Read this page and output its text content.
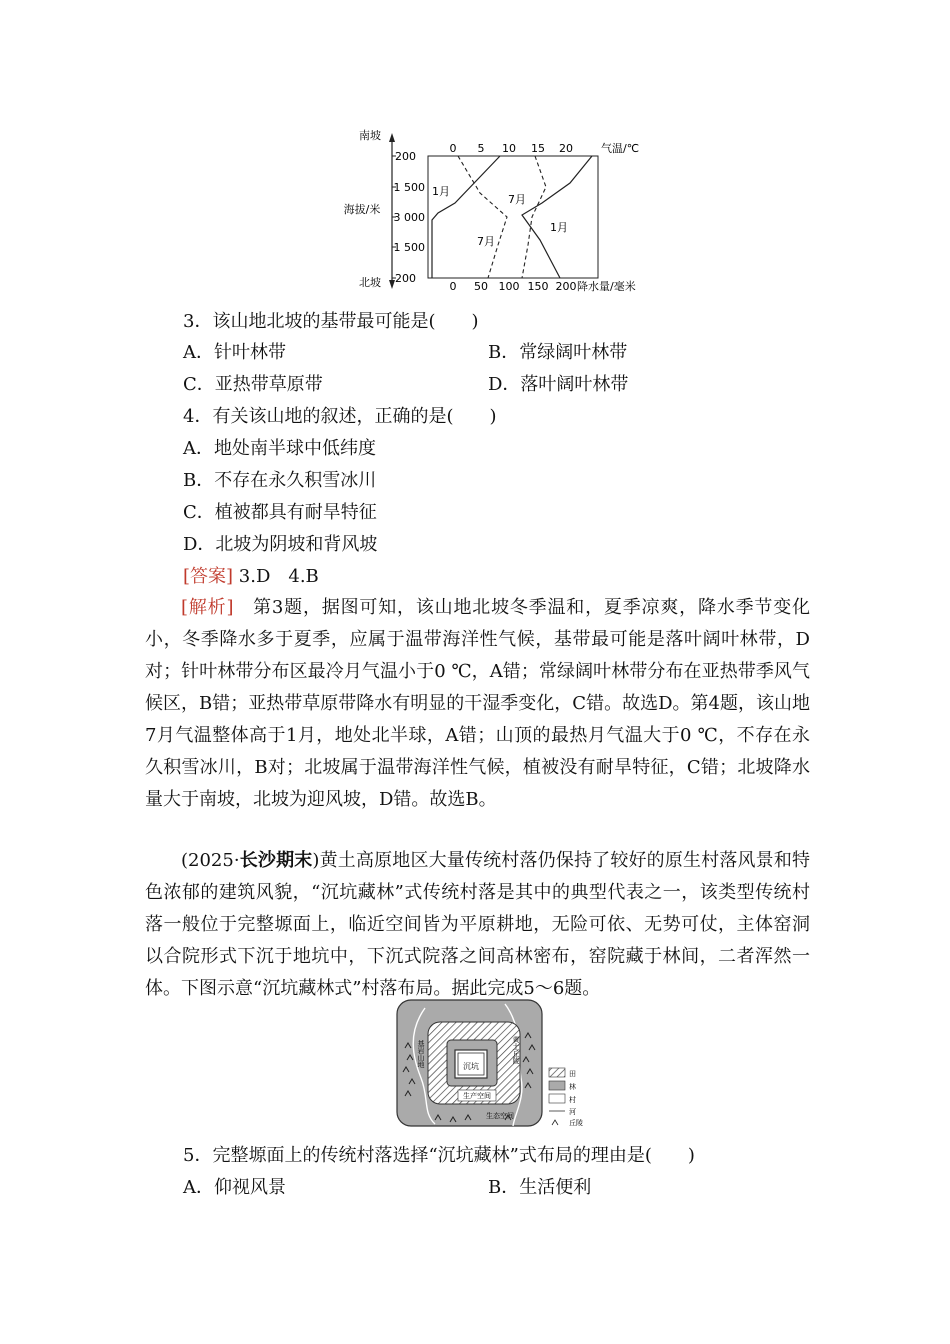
南坡
北坡
海拔/米
200
1 500
3 000
1 500
200
0 5 10 15 20	气温/℃
0 50 100 150 200 降水量/毫米
1月
7月
7月
1月
3．该山地北坡的基带最可能是(　　)
A．针叶林带	B．常绿阔叶林带
C．亚热带草原带	D．落叶阔叶林带
4．有关该山地的叙述，正确的是(　　)
A．地处南半球中低纬度
B．不存在永久积雪冰川
C．植被都具有耐旱特征
D．北坡为阴坡和背风坡
[答案] 3.D　4.B
[解析]　第3题，据图可知，该山地北坡冬季温和，夏季凉爽，降水季节变化小，冬季降水多于夏季，应属于温带海洋性气候，基带最可能是落叶阔叶林带，D对；针叶林带分布区最冷月气温小于0 ℃，A错；常绿阔叶林带分布在亚热带季风气候区，B错；亚热带草原带降水有明显的干湿季变化，C错。故选D。第4题，该山地7月气温整体高于1月，地处北半球，A错；山顶的最热月气温大于0 ℃，不存在永久积雪冰川，B对；北坡属于温带海洋性气候，植被没有耐旱特征，C错；北坡降水量大于南坡，北坡为迎风坡，D错。故选B。
(2025·长沙期末)黄土高原地区大量传统村落仍保持了较好的原生村落风景和特色浓郁的建筑风貌，“沉坑藏林”式传统村落是其中的典型代表之一，该类型传统村落一般位于完整塬面上，临近空间皆为平原耕地，无险可依、无势可仗，主体窑洞以合院形式下沉于地坑中，下沉式院落之间高林密布，窑院藏于林间，二者浑然一体。下图示意“沉坑藏林式”村落布局。据此完成5～6题。
沉坑
生产空间
生态空间
基岩山地	黄土丘陵
田
林
村
河
丘陵
5．完整塬面上的传统村落选择“沉坑藏林”式布局的理由是(　　)
A．仰视风景	B．生活便利
